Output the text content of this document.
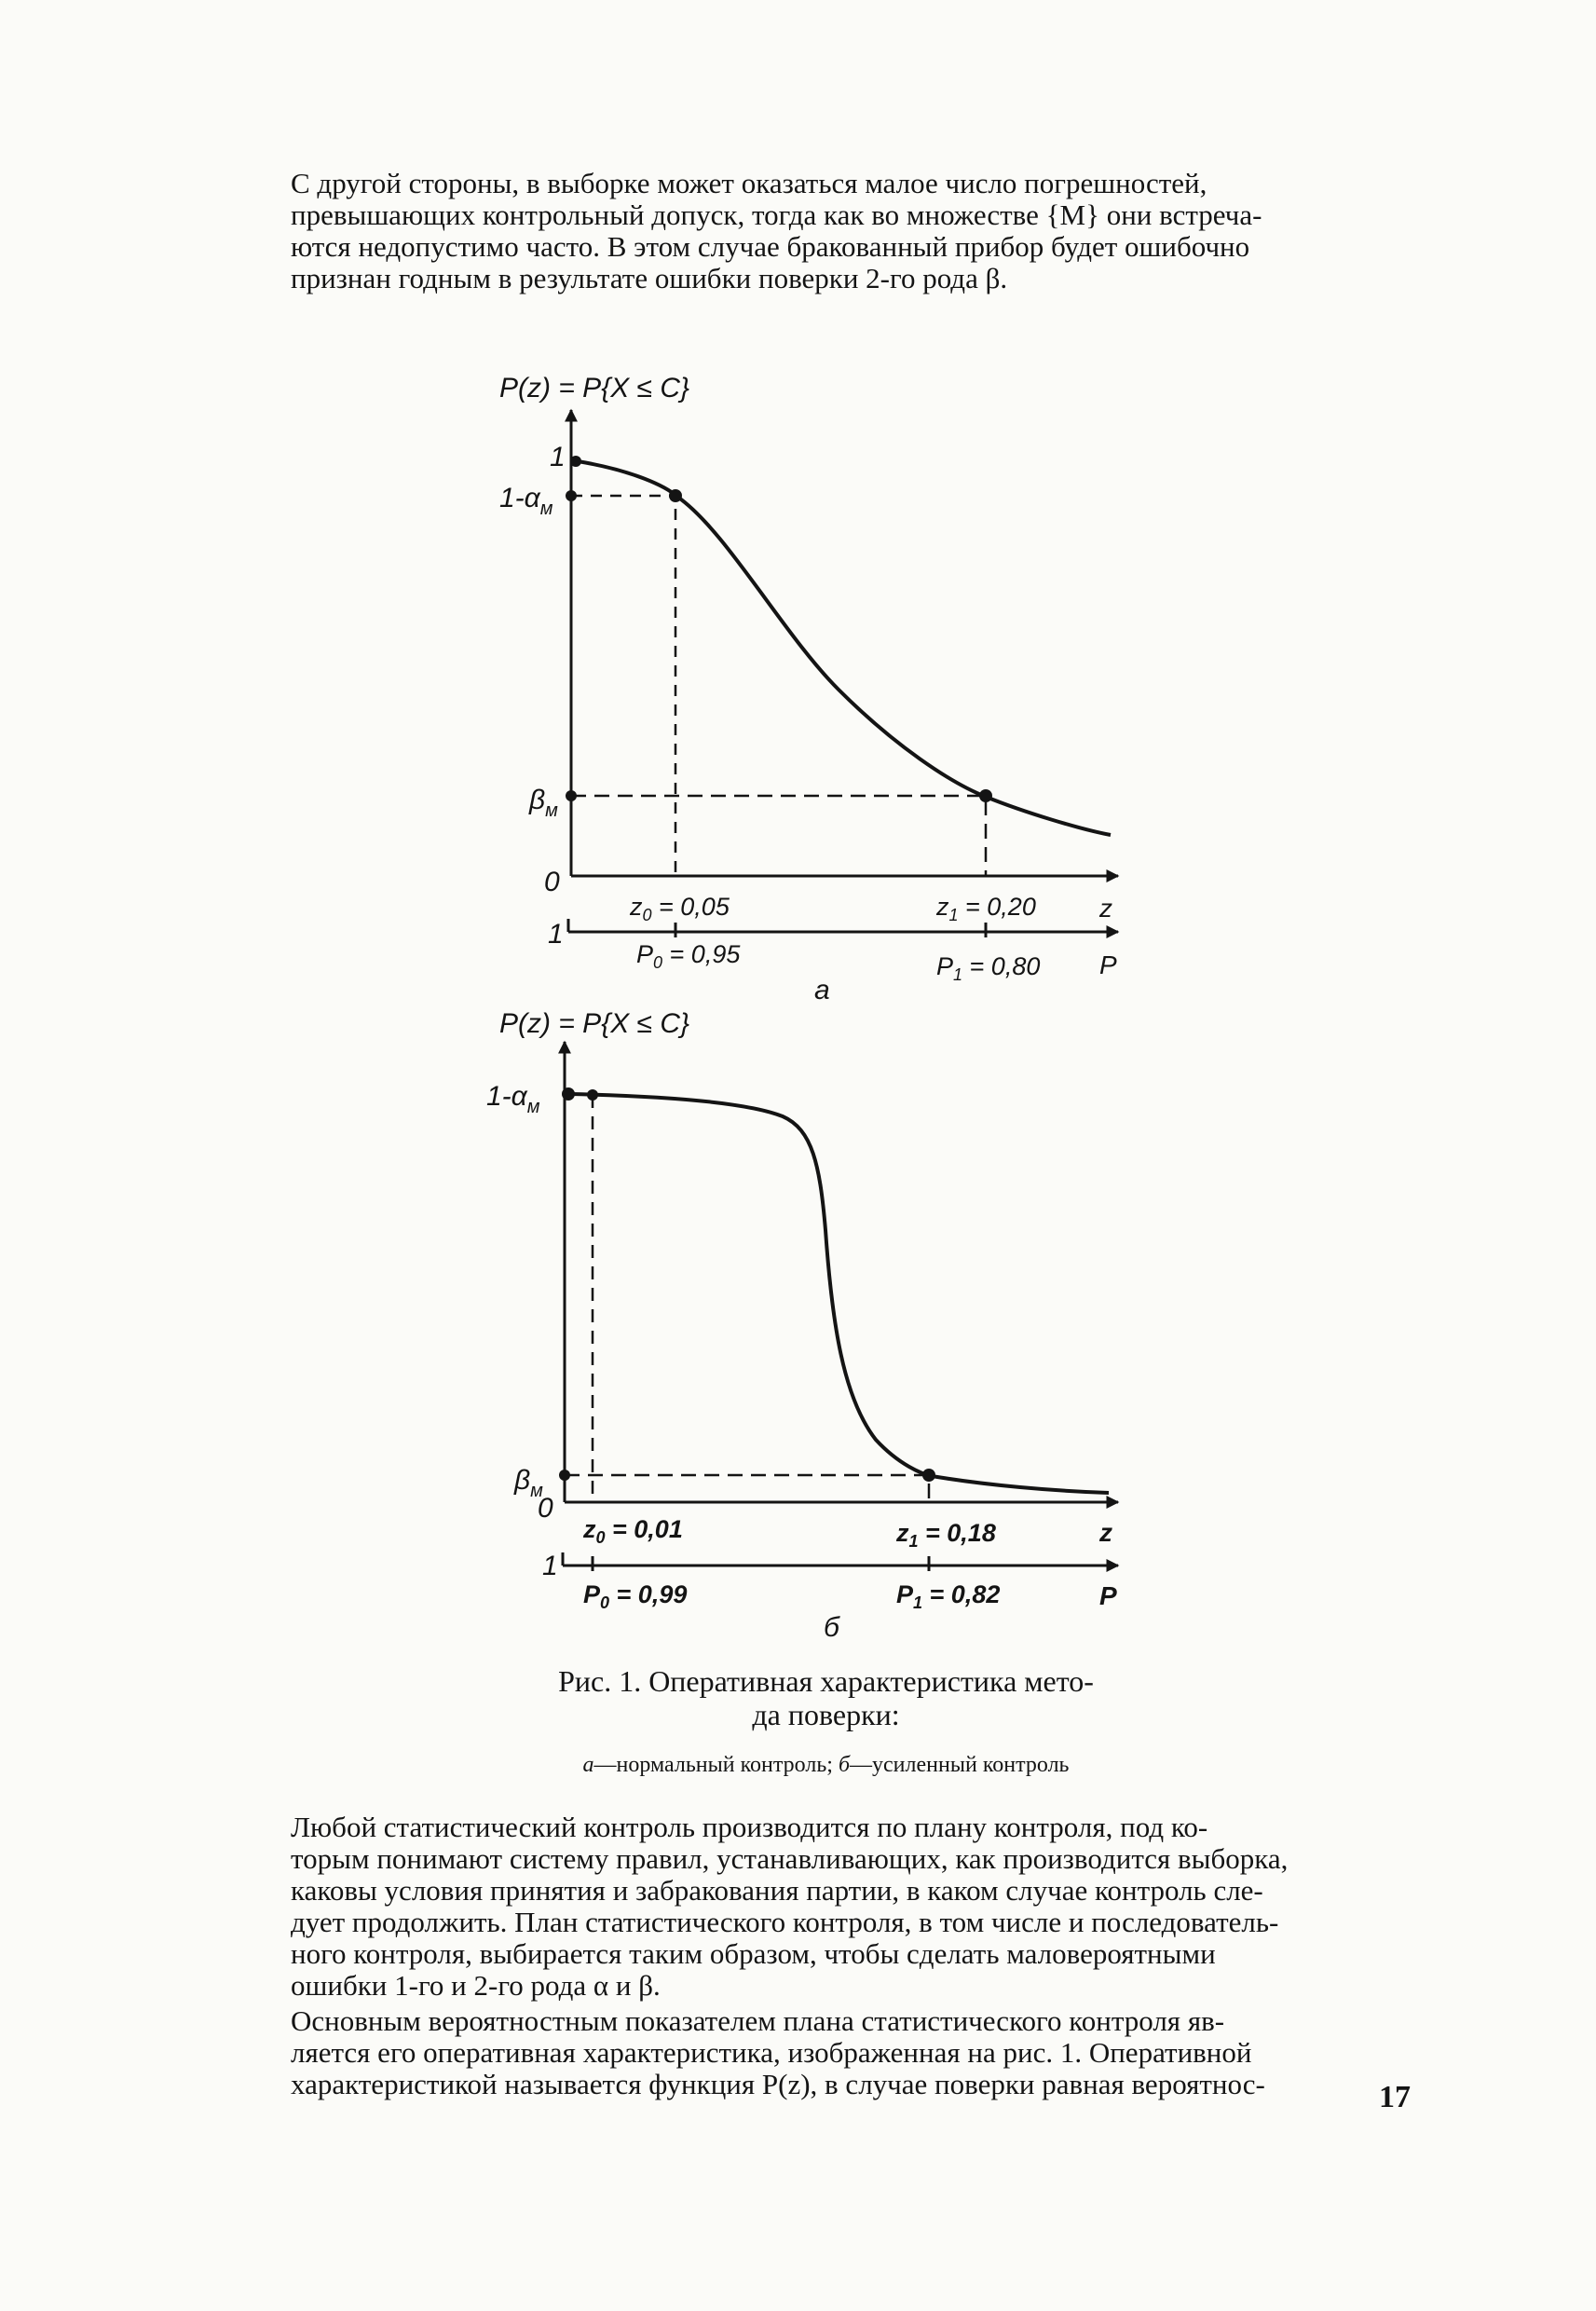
С другой стороны, в выборке может оказаться малое число погрешностей,
превышающих контрольный допуск, тогда как во множестве {M} они встреча-
ются недопустимо часто. В этом случае бракованный прибор будет ошибочно
признан годным в результате ошибки поверки 2-го рода β.

P(z) = P{X ≤ C}
1
$1-\alpha_м$
$\beta_м$
0
z
P
1
$z_0 = 0,05$	$z_1 = 0,20$
$P_0 = 0,95$	$P_1 = 0,80$
а
P(z) = P{X ≤ C}
$1-\alpha_м$
$\beta_м$
0
z
P
1
$z_0 = 0,01$	$z_1 = 0,18$
$P_0 = 0,99$	$P_1 = 0,82$
б

Рис. 1. Оперативная характеристика мето-
да поверки:

а—нормальный контроль; б—усиленный контроль

Любой статистический контроль производится по плану контроля, под ко-
торым понимают систему правил, устанавливающих, как производится выборка,
каковы условия принятия и забракования партии, в каком случае контроль сле-
дует продолжить. План статистического контроля, в том числе и последователь-
ного контроля, выбирается таким образом, чтобы сделать маловероятными
ошибки 1-го и 2-го рода α и β.

Основным вероятностным показателем плана статистического контроля яв-
ляется его оперативная характеристика, изображенная на рис. 1. Оперативной
характеристикой называется функция P(z), в случае поверки равная вероятнос-	17
